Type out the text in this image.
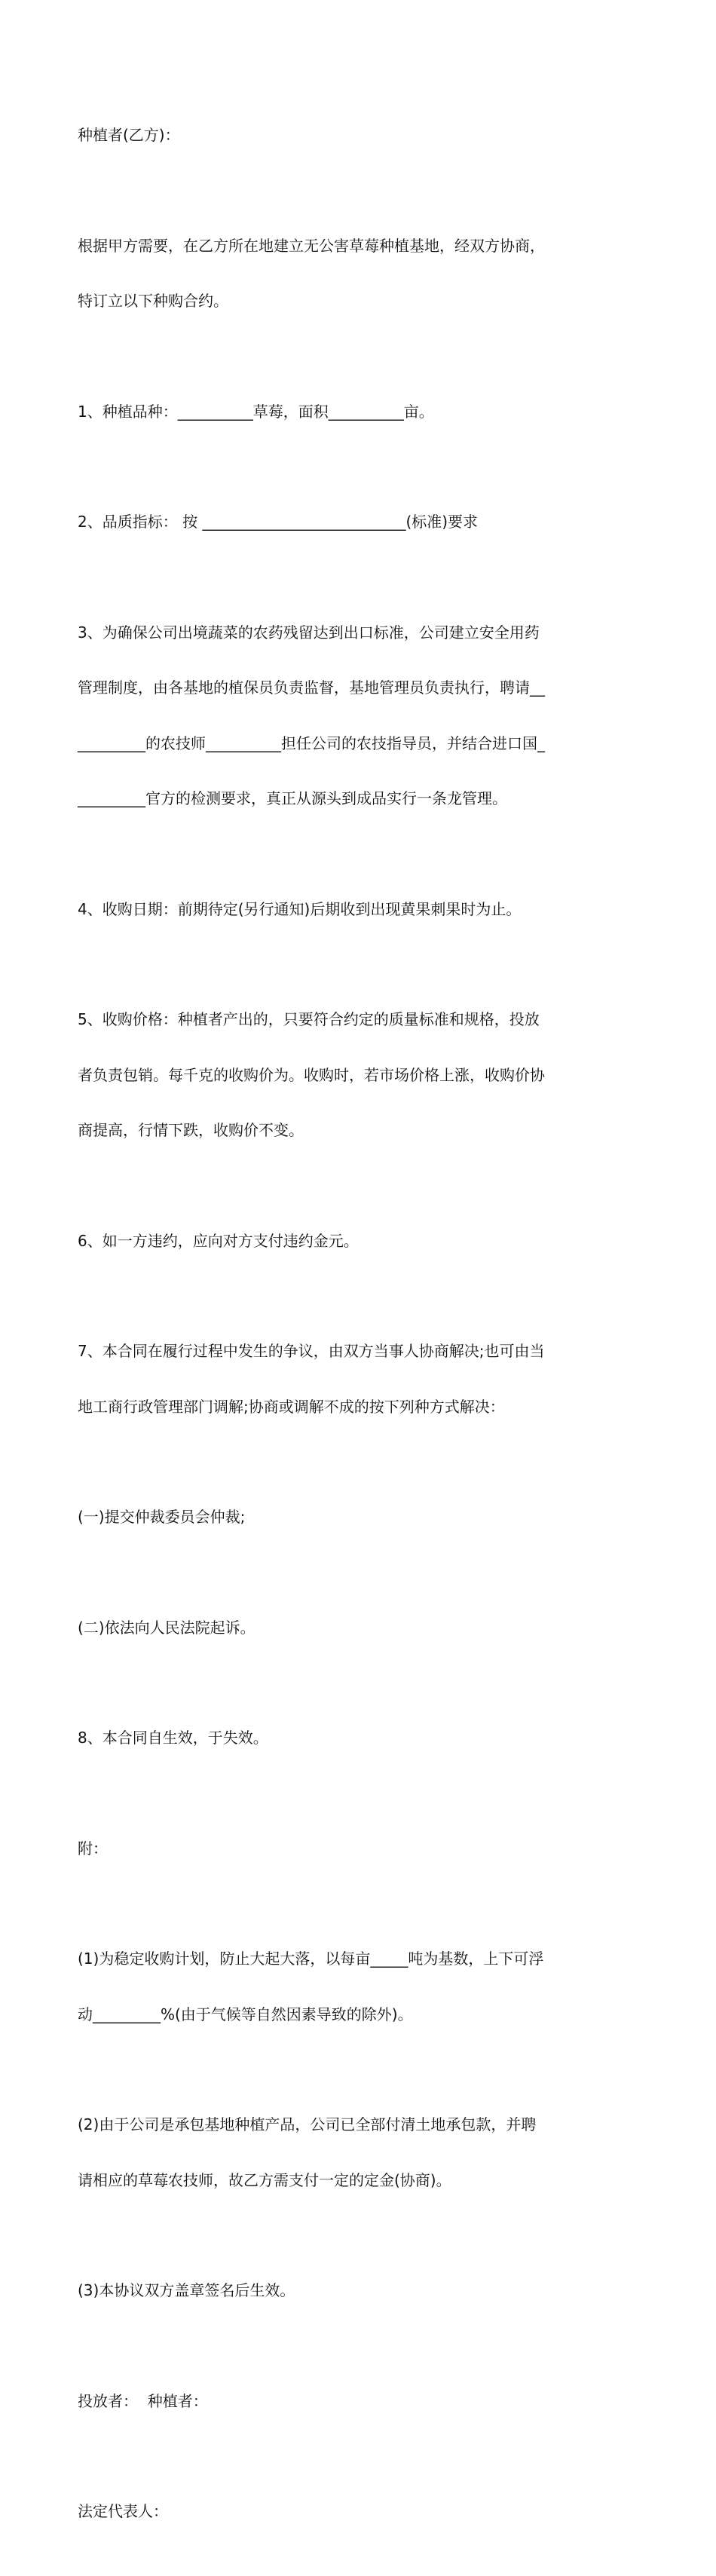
种植者(乙方)：

根据甲方需要，在乙方所在地建立无公害草莓种植基地，经双方协商，

特订立以下种购合约。

1、种植品种：__________草莓，面积__________亩。

2、品质指标： 按 ___________________________(标准)要求

3、为确保公司出境蔬菜的农药残留达到出口标准，公司建立安全用药

管理制度，由各基地的植保员负责监督，基地管理员负责执行，聘请__

_________的农技师__________担任公司的农技指导员，并结合进口国_

_________官方的检测要求，真正从源头到成品实行一条龙管理。

4、收购日期：前期待定(另行通知)后期收到出现黄果刺果时为止。

5、收购价格：种植者产出的，只要符合约定的质量标准和规格，投放

者负责包销。每千克的收购价为。收购时，若市场价格上涨，收购价协

商提高，行情下跌，收购价不变。

6、如一方违约，应向对方支付违约金元。

7、本合同在履行过程中发生的争议，由双方当事人协商解决;也可由当

地工商行政管理部门调解;协商或调解不成的按下列种方式解决：

(一)提交仲裁委员会仲裁;

(二)依法向人民法院起诉。

8、本合同自生效，于失效。

附：

(1)为稳定收购计划，防止大起大落，以每亩_____吨为基数，上下可浮

动_________%(由于气候等自然因素导致的除外)。

(2)由于公司是承包基地种植产品，公司已全部付清土地承包款，并聘

请相应的草莓农技师，故乙方需支付一定的定金(协商)。

(3)本协议双方盖章签名后生效。

投放者：  种植者：

法定代表人：
